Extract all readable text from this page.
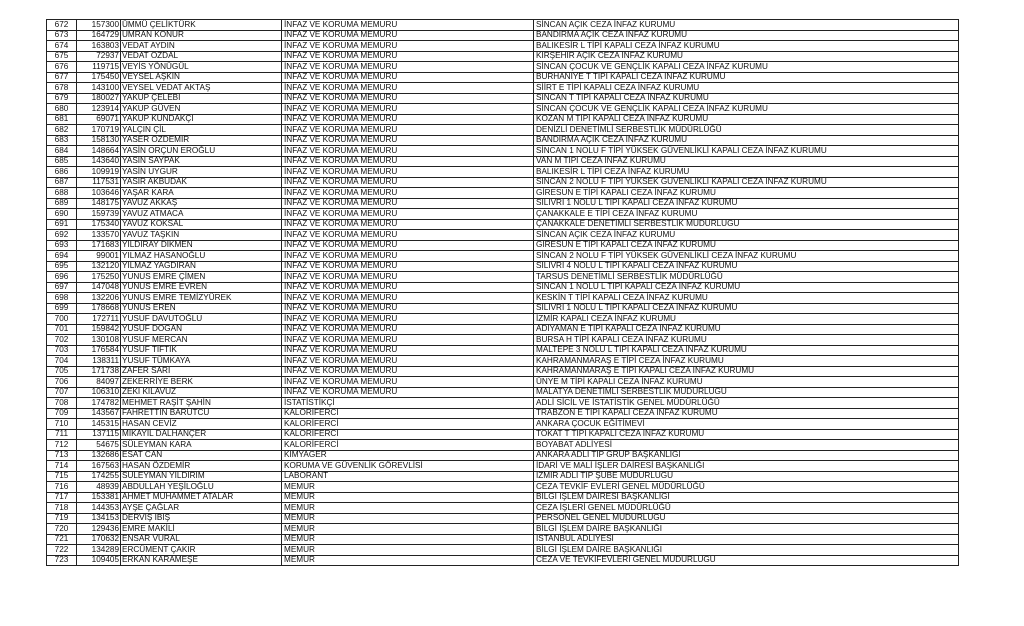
672	157300	ÜMMÜ ÇELİKTÜRK	İNFAZ VE KORUMA MEMURU	SİNCAN AÇIK CEZA İNFAZ KURUMU
673	164729	ÜMRAN KONUR	İNFAZ VE KORUMA MEMURU	BANDIRMA AÇIK CEZA İNFAZ KURUMU
674	163803	VEDAT AYDIN	İNFAZ VE KORUMA MEMURU	BALIKESİR L TİPİ KAPALI CEZA İNFAZ KURUMU
675	72937	VEDAT ÖZDAL	İNFAZ VE KORUMA MEMURU	KIRŞEHİR AÇIK CEZA İNFAZ KURUMU
676	119715	VEYİS YÖNÜGÜL	İNFAZ VE KORUMA MEMURU	SİNCAN ÇOCUK VE GENÇLİK KAPALI CEZA İNFAZ KURUMU
677	175450	VEYSEL AŞKIN	İNFAZ VE KORUMA MEMURU	BURHANİYE T TİPİ KAPALI CEZA İNFAZ KURUMU
678	143100	VEYSEL VEDAT AKTAŞ	İNFAZ VE KORUMA MEMURU	SİİRT E TİPİ KAPALI CEZA İNFAZ KURUMU
679	180027	YAKUP ÇELEBİ	İNFAZ VE KORUMA MEMURU	SİNCAN T TİPİ KAPALI CEZA İNFAZ KURUMU
680	123914	YAKUP GÜVEN	İNFAZ VE KORUMA MEMURU	SİNCAN ÇOCUK VE GENÇLİK KAPALI CEZA İNFAZ KURUMU
681	69071	YAKUP KUNDAKÇI	İNFAZ VE KORUMA MEMURU	KOZAN M TİPİ KAPALI CEZA İNFAZ KURUMU
682	170719	YALÇIN ÇİL	İNFAZ VE KORUMA MEMURU	DENİZLİ DENETİMLİ SERBESTLİK MÜDÜRLÜĞÜ
683	158130	YASER ÖZDEMİR	İNFAZ VE KORUMA MEMURU	BANDIRMA AÇIK CEZA İNFAZ KURUMU
684	148664	YASİN ORÇUN EROĞLU	İNFAZ VE KORUMA MEMURU	SİNCAN 1 NOLU F TİPİ YÜKSEK GÜVENLİKLİ KAPALI CEZA İNFAZ KURUMU
685	143640	YASİN SAYPAK	İNFAZ VE KORUMA MEMURU	VAN M TİPİ CEZA İNFAZ KURUMU
686	109919	YASİN UYGUR	İNFAZ VE KORUMA MEMURU	BALIKESİR L TİPİ CEZA İNFAZ KURUMU
687	117531	YASİR AKBUDAK	İNFAZ VE KORUMA MEMURU	SİNCAN 2 NOLU F TİPİ YÜKSEK GÜVENLİKLİ KAPALI CEZA İNFAZ KURUMU
688	103646	YAŞAR KARA	İNFAZ VE KORUMA MEMURU	GİRESUN E TİPİ KAPALI CEZA İNFAZ KURUMU
689	148175	YAVUZ AKKAŞ	İNFAZ VE KORUMA MEMURU	SİLİVRİ 1 NOLU L TİPİ KAPALI CEZA İNFAZ KURUMU
690	159739	YAVUZ ATMACA	İNFAZ VE KORUMA MEMURU	ÇANAKKALE E TİPİ CEZA İNFAZ KURUMU
691	175340	YAVUZ KÖKSAL	İNFAZ VE KORUMA MEMURU	ÇANAKKALE DENETİMLİ SERBESTLİK MÜDÜRLÜĞÜ
692	133570	YAVUZ TAŞKIN	İNFAZ VE KORUMA MEMURU	SİNCAN AÇIK CEZA İNFAZ KURUMU
693	171683	YILDIRAY DİKMEN	İNFAZ VE KORUMA MEMURU	GİRESUN E TİPİ KAPALI CEZA İNFAZ KURUMU
694	99001	YILMAZ HASANOĞLU	İNFAZ VE KORUMA MEMURU	SİNCAN 2 NOLU F TİPİ YÜKSEK GÜVENLİKLİ CEZA İNFAZ KURUMU
695	132120	YILMAZ YAĞDIRAN	İNFAZ VE KORUMA MEMURU	SİLİVRİ 4 NOLU L TİPİ KAPALI CEZA İNFAZ KURUMU
696	175250	YUNUS EMRE ÇİMEN	İNFAZ VE KORUMA MEMURU	TARSUS DENETİMLİ SERBESTLİK MÜDÜRLÜĞÜ
697	147048	YUNUS EMRE EVREN	İNFAZ VE KORUMA MEMURU	SİNCAN 1 NOLU L TİPİ KAPALI CEZA İNFAZ KURUMU
698	132206	YUNUS EMRE TEMİZYÜREK	İNFAZ VE KORUMA MEMURU	KESKİN T TİPİ KAPALI CEZA İNFAZ KURUMU
699	178668	YUNUS EREN	İNFAZ VE KORUMA MEMURU	SİLİVRİ 1 NOLU L TİPİ KAPALI CEZA İNFAZ KURUMU
700	172711	YUSUF DAVUTOĞLU	İNFAZ VE KORUMA MEMURU	İZMİR KAPALI CEZA İNFAZ KURUMU
701	159842	YUSUF DOĞAN	İNFAZ VE KORUMA MEMURU	ADIYAMAN E TİPİ KAPALI CEZA İNFAZ KURUMU
702	130108	YUSUF MERCAN	İNFAZ VE KORUMA MEMURU	BURSA H TİPİ KAPALI CEZA İNFAZ KURUMU
703	176584	YUSUF TİFTİK	İNFAZ VE KORUMA MEMURU	MALTEPE 3 NOLU L TİPİ KAPALI CEZA İNFAZ KURUMU
704	138311	YUSUF TÜMKAYA	İNFAZ VE KORUMA MEMURU	KAHRAMANMARAŞ E TİPİ CEZA İNFAZ KURUMU
705	171738	ZAFER SARI	İNFAZ VE KORUMA MEMURU	KAHRAMANMARAŞ E TİPİ KAPALI CEZA İNFAZ KURUMU
706	84097	ZEKERRİYE BERK	İNFAZ VE KORUMA MEMURU	ÜNYE M TİPİ KAPALI CEZA İNFAZ KURUMU
707	106310	ZEKİ KILAVUZ	İNFAZ VE KORUMA MEMURU	MALATYA DENETİMLİ SERBESTLİK MÜDÜRLÜĞÜ
708	174782	MEHMET RAŞİT ŞAHİN	İSTATİSTİKÇİ	ADLİ SİCİL VE İSTATİSTİK GENEL MÜDÜRLÜĞÜ
709	143567	FAHRETTİN BARUTCU	KALORİFERCİ	TRABZON E TİPİ KAPALI CEZA İNFAZ KURUMU
710	145315	HASAN CEVİZ	KALORİFERCİ	ANKARA ÇOCUK EĞİTİMEVİ
711	137115	MİKAYİL DALHANÇER	KALORİFERCİ	TOKAT T TİPİ KAPALI CEZA İNFAZ KURUMU
712	54675	SÜLEYMAN KARA	KALORİFERCİ	BOYABAT ADLİYESİ
713	132686	ESAT CAN	KİMYAGER	ANKARA ADLİ TIP GRUP BAŞKANLIĞI
714	167563	HASAN ÖZDEMİR	KORUMA VE GÜVENLİK GÖREVLİSİ	İDARİ VE MALİ İŞLER DAİRESİ BAŞKANLIĞI
715	174255	SÜLEYMAN YILDIRIM	LABORANT	İZMİR ADLİ TIP ŞUBE MÜDÜRLÜĞÜ
716	48939	ABDULLAH YEŞİLOĞLU	MEMUR	CEZA TEVKİF EVLERİ GENEL MÜDÜRLÜĞÜ
717	153381	AHMET MUHAMMET ATALAR	MEMUR	BİLGİ İŞLEM DAİRESİ BAŞKANLIĞI
718	144353	AYŞE ÇAĞLAR	MEMUR	CEZA İŞLERİ GENEL MÜDÜRLÜĞÜ
719	134153	DERVİŞ İBİŞ	MEMUR	PERSONEL GENEL MÜDÜRLÜĞÜ
720	129436	EMRE MAKİLİ	MEMUR	BİLGİ İŞLEM DAİRE BAŞKANLIĞI
721	170632	ENSAR VURAL	MEMUR	İSTANBUL ADLİYESİ
722	134289	ERCÜMENT ÇAKIR	MEMUR	BİLGİ İŞLEM DAİRE BAŞKANLIĞI
723	109405	ERKAN KARAMEŞE	MEMUR	CEZA VE TEVKİFEVLERİ GENEL MÜDÜRLÜĞÜ
